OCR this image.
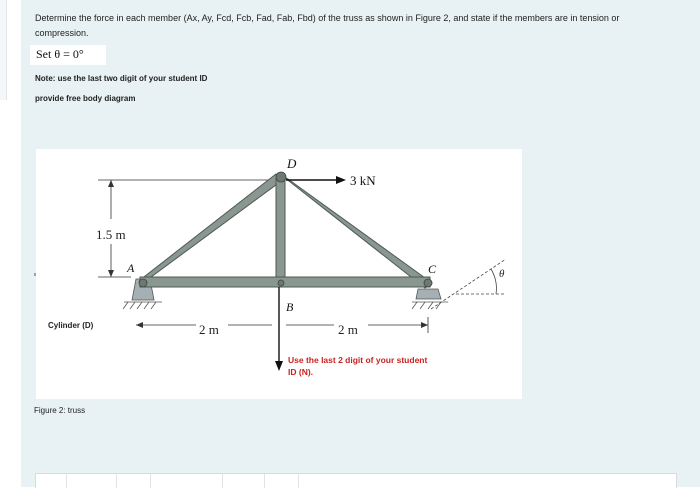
Determine the force in each member (Ax, Ay, Fcd, Fcb, Fad, Fab, Fbd) of the truss as shown in Figure 2, and state if the members are in tension or compression.

Set θ = 0°
Note: use the last two digit of your student ID
provide free body diagram
1.5 m
θ
3 kN
D
A
B
C
2 m	2 m
Use the last 2 digit of your student
ID (N).
Cylinder (D)
Figure 2: truss
